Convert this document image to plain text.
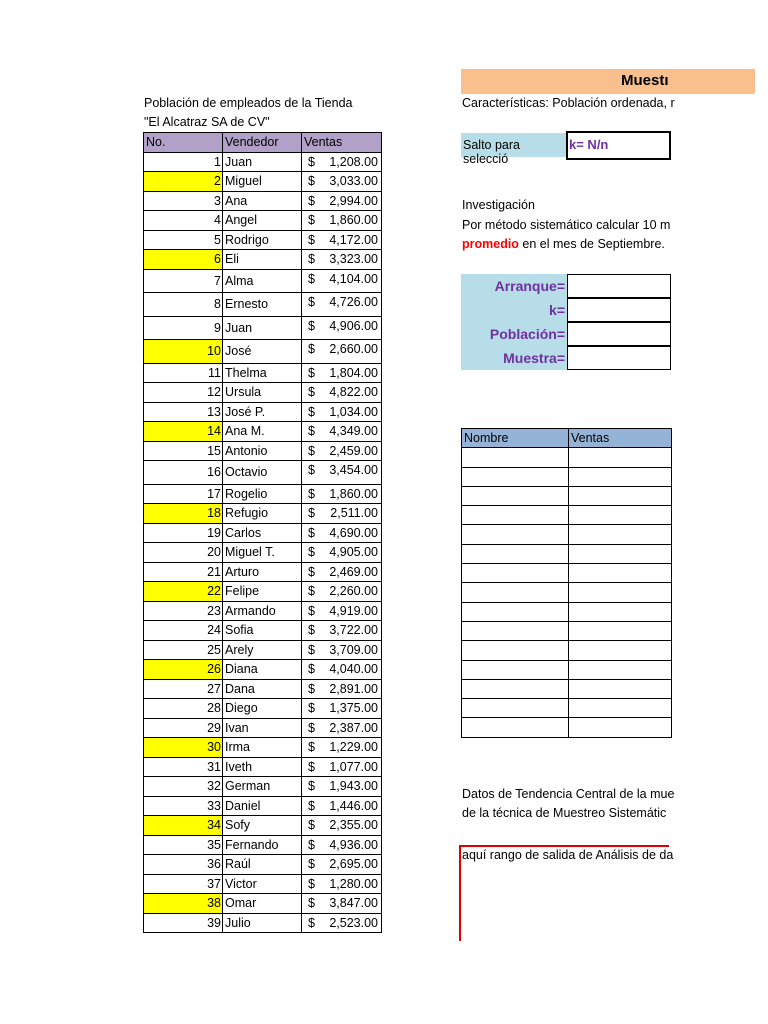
Muestı
Población de empleados de la Tienda
"El Alcatraz SA de CV"
No.	Vendedor	Ventas
1	Juan	$ 1,208.00

2	Miguel	$ 3,033.00

3	Ana	$ 2,994.00

4	Angel	$ 1,860.00

5	Rodrigo	$ 4,172.00

6	Eli	$ 3,323.00

7	Alma	$ 4,104.00

8	Ernesto	$ 4,726.00

9	Juan	$ 4,906.00

10	José	$ 2,660.00

11	Thelma	$ 1,804.00

12	Ursula	$ 4,822.00

13	José P.	$ 1,034.00

14	Ana M.	$ 4,349.00

15	Antonio	$ 2,459.00

16	Octavio	$ 3,454.00

17	Rogelio	$ 1,860.00

18	Refugio	$ 2,511.00

19	Carlos	$ 4,690.00

20	Miguel T.	$ 4,905.00

21	Arturo	$ 2,469.00

22	Felipe	$ 2,260.00

23	Armando	$ 4,919.00

24	Sofia	$ 3,722.00

25	Arely	$ 3,709.00

26	Diana	$ 4,040.00

27	Dana	$ 2,891.00

28	Diego	$ 1,375.00

29	Ivan	$ 2,387.00

30	Irma	$ 1,229.00

31	Iveth	$ 1,077.00

32	German	$ 1,943.00

33	Daniel	$ 1,446.00

34	Sofy	$ 2,355.00

35	Fernando	$ 4,936.00

36	Raúl	$ 2,695.00

37	Victor	$ 1,280.00

38	Omar	$ 3,847.00

39	Julio	$ 2,523.00
Características: Población ordenada, r
Salto para selecció
k= N/n
Investigación
Por método sistemático calcular 10 m
promedio en el mes de Septiembre.
Arranque=
k=
Población=
Muestra=
Nombre	Ventas

Datos de Tendencia Central de la mue
de la técnica de Muestreo Sistemátic
aquí rango de salida de Análisis de da
